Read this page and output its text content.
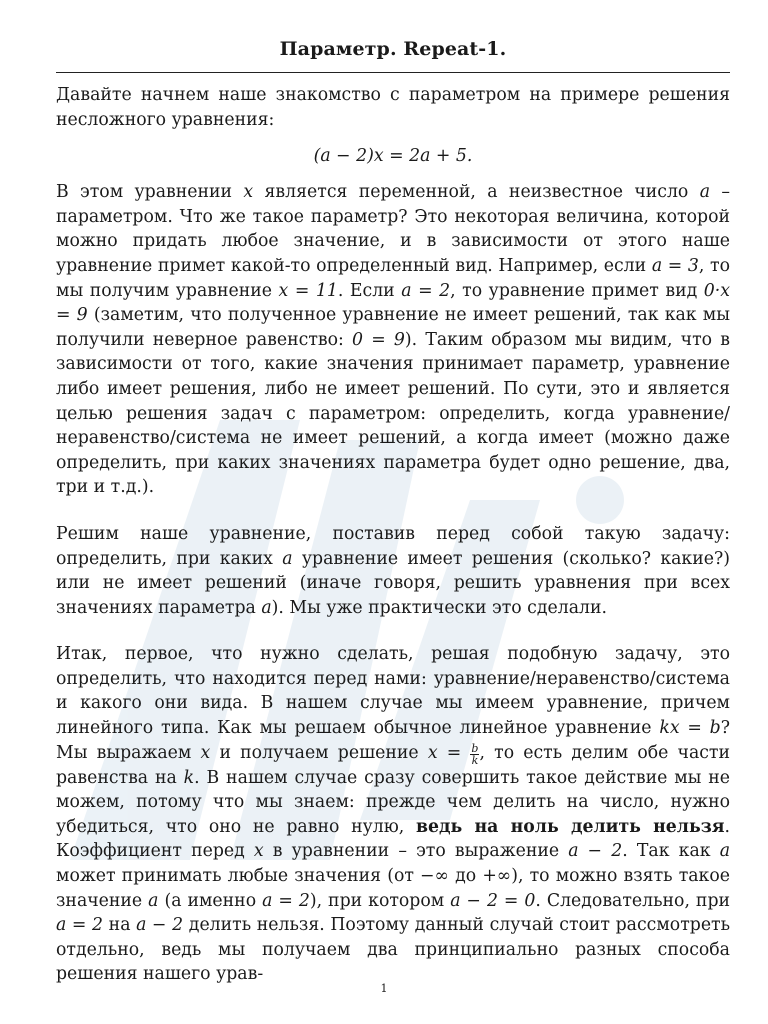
Параметр. Repeat-1.

Давайте начнем наше знакомство с параметром на примере решения несложного уравнения:

(a − 2)x = 2a + 5.

В этом уравнении x является переменной, а неизвестное число a – параметром. Что же такое параметр? Это некоторая величина, которой можно придать любое значение, и в зависимости от этого наше уравнение примет какой-то определенный вид. Например, если a = 3, то мы получим уравнение x = 11. Если a = 2, то уравнение примет вид 0·x = 9 (заметим, что полученное уравнение не имеет решений, так как мы получили неверное равенство: 0 = 9). Таким образом мы видим, что в зависимости от того, какие значения принимает параметр, уравнение либо имеет решения, либо не имеет решений. По сути, это и является целью решения задач с параметром: определить, когда уравнение/неравенство/система не имеет решений, а когда имеет (можно даже определить, при каких значениях параметра будет одно решение, два, три и т.д.).

Решим наше уравнение, поставив перед собой такую задачу: определить, при каких a уравнение имеет решения (сколько? какие?) или не имеет решений (иначе говоря, решить уравнения при всех значениях параметра a). Мы уже практически это сделали.

Итак, первое, что нужно сделать, решая подобную задачу, это определить, что находится перед нами: уравнение/неравенство/система и какого они вида. В нашем случае мы имеем уравнение, причем линейного типа. Как мы решаем обычное линейное уравнение kx = b? Мы выражаем x и получаем решение $x = \frac{b}{k}$ , то есть делим обе части равенства на k. В нашем случае сразу совершить такое действие мы не можем, потому что мы знаем: прежде чем делить на число, нужно убедиться, что оно не равно нулю, ведь на ноль делить нельзя. Коэффициент перед x в уравнении – это выражение a − 2. Так как a может принимать любые значения (от −∞ до +∞), то можно взять такое значение a (а именно a = 2), при котором a − 2 = 0. Следовательно, при a = 2 на a − 2 делить нельзя. Поэтому данный случай стоит рассмотреть отдельно, ведь мы получаем два принципиально разных способа решения нашего урав-

1
